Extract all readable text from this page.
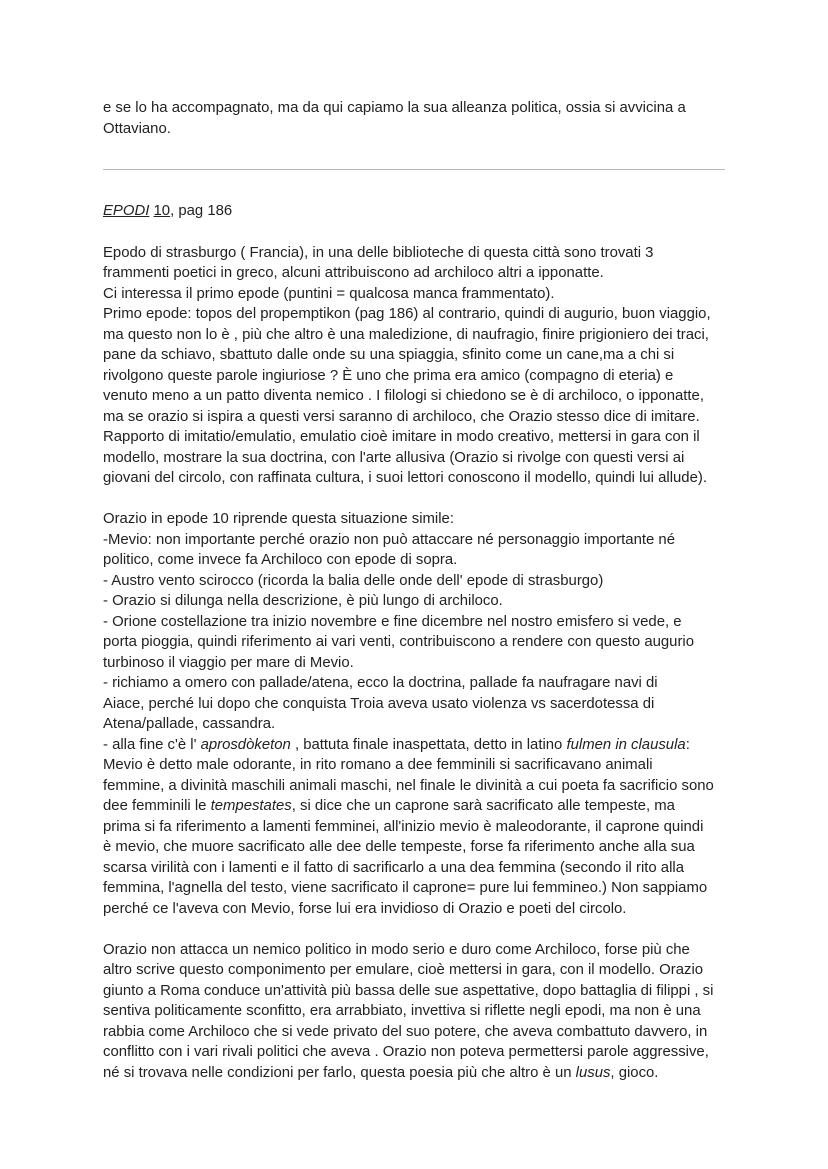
e se lo ha accompagnato, ma da qui capiamo la sua alleanza politica, ossia si avvicina a
Ottaviano.

EPODI 10, pag 186

Epodo di strasburgo ( Francia), in una delle biblioteche di questa città sono trovati 3
frammenti poetici in greco, alcuni attribuiscono ad archiloco altri a ipponatte.
Ci interessa il primo epode (puntini = qualcosa manca frammentato).
Primo epode: topos del propemptikon (pag 186) al contrario, quindi di augurio, buon viaggio,
ma questo non lo è , più che altro è una maledizione, di naufragio, finire prigioniero dei traci,
pane da schiavo, sbattuto dalle onde su una spiaggia, sfinito come un cane,ma a chi si
rivolgono queste parole ingiuriose ? È uno che prima era amico (compagno di eteria) e
venuto meno a un patto diventa nemico . I filologi si chiedono se è di archiloco, o ipponatte,
ma se orazio si ispira a questi versi saranno di archiloco, che Orazio stesso dice di imitare.
Rapporto di imitatio/emulatio, emulatio cioè imitare in modo creativo, mettersi in gara con il
modello, mostrare la sua doctrina, con l'arte allusiva (Orazio si rivolge con questi versi ai
giovani del circolo, con raffinata cultura, i suoi lettori conoscono il modello, quindi lui allude).

Orazio in epode 10 riprende questa situazione simile:
-Mevio: non importante perché orazio non può attaccare né personaggio importante né
politico, come invece fa Archiloco con epode di sopra.
- Austro vento scirocco (ricorda la balia delle onde dell' epode di strasburgo)
- Orazio si dilunga nella descrizione, è più lungo di archiloco.
- Orione costellazione tra inizio novembre e fine dicembre nel nostro emisfero si vede, e
porta pioggia, quindi riferimento ai vari venti, contribuiscono a rendere con questo augurio
turbinoso il viaggio per mare di Mevio.
- richiamo a omero con pallade/atena, ecco la doctrina, pallade fa naufragare navi di
Aiace, perché lui dopo che conquista Troia aveva usato violenza vs sacerdotessa di
Atena/pallade, cassandra.
- alla fine c'è l' aprosdòketon , battuta finale inaspettata, detto in latino fulmen in clausula:
Mevio è detto male odorante, in rito romano a dee femminili si sacrificavano animali
femmine, a divinità maschili animali maschi, nel finale le divinità a cui poeta fa sacrificio sono
dee femminili le tempestates, si dice che un caprone sarà sacrificato alle tempeste, ma
prima si fa riferimento a lamenti femminei, all'inizio mevio è maleodorante, il caprone quindi
è mevio, che muore sacrificato alle dee delle tempeste, forse fa riferimento anche alla sua
scarsa virilità con i lamenti e il fatto di sacrificarlo a una dea femmina (secondo il rito alla
femmina, l'agnella del testo, viene sacrificato il caprone= pure lui femmineo.) Non sappiamo
perché ce l'aveva con Mevio, forse lui era invidioso di Orazio e poeti del circolo.

Orazio non attacca un nemico politico in modo serio e duro come Archiloco, forse più che
altro scrive questo componimento per emulare, cioè mettersi in gara, con il modello. Orazio
giunto a Roma conduce un'attività più bassa delle sue aspettative, dopo battaglia di filippi , si
sentiva politicamente sconfitto, era arrabbiato, invettiva si riflette negli epodi, ma non è una
rabbia come Archiloco che si vede privato del suo potere, che aveva combattuto davvero, in
conflitto con i vari rivali politici che aveva . Orazio non poteva permettersi parole aggressive,
né si trovava nelle condizioni per farlo, questa poesia più che altro è un lusus, gioco.
